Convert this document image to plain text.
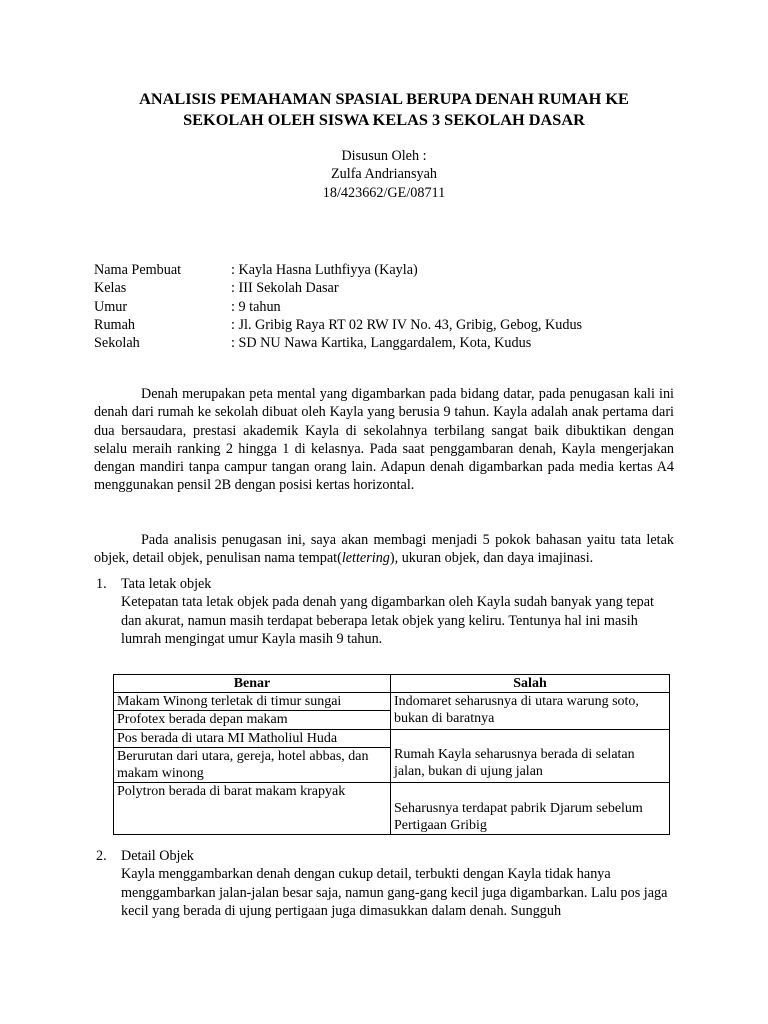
ANALISIS PEMAHAMAN SPASIAL BERUPA DENAH RUMAH KE
SEKOLAH OLEH SISWA KELAS 3 SEKOLAH DASAR
Disusun Oleh :
Zulfa Andriansyah
18/423662/GE/08711
Nama Pembuat	: Kayla Hasna Luthfiyya (Kayla)
Kelas	: III Sekolah Dasar
Umur	: 9 tahun
Rumah	: Jl. Gribig Raya RT 02 RW IV No. 43, Gribig, Gebog, Kudus
Sekolah	: SD NU Nawa Kartika, Langgardalem, Kota, Kudus

Denah merupakan peta mental yang digambarkan pada bidang datar, pada penugasan kali ini denah dari rumah ke sekolah dibuat oleh Kayla yang berusia 9 tahun. Kayla adalah anak pertama dari dua bersaudara, prestasi akademik Kayla di sekolahnya terbilang sangat baik dibuktikan dengan selalu meraih ranking 2 hingga 1 di kelasnya. Pada saat penggambaran denah, Kayla mengerjakan dengan mandiri tanpa campur tangan orang lain. Adapun denah digambarkan pada media kertas A4 menggunakan pensil 2B dengan posisi kertas horizontal.

Pada analisis penugasan ini, saya akan membagi menjadi 5 pokok bahasan yaitu tata letak objek, detail objek, penulisan nama tempat(lettering), ukuran objek, dan daya imajinasi.

1. Tata letak objek
Ketepatan tata letak objek pada denah yang digambarkan oleh Kayla sudah banyak yang tepat dan akurat, namun masih terdapat beberapa letak objek yang keliru. Tentunya hal ini masih lumrah mengingat umur Kayla masih 9 tahun.
Benar	Salah
Makam Winong terletak di timur sungai	Indomaret seharusnya di utara warung soto, bukan di baratnya
Profotex berada depan makam	
Pos berada di utara MI Matholiul Huda	Rumah Kayla seharusnya berada di selatan jalan, bukan di ujung jalan
Berurutan dari utara, gereja, hotel abbas, dan makam winong	
Polytron berada di barat makam krapyak	Seharusnya terdapat pabrik Djarum sebelum Pertigaan Gribig
2. Detail Objek
Kayla menggambarkan denah dengan cukup detail, terbukti dengan Kayla tidak hanya menggambarkan jalan-jalan besar saja, namun gang-gang kecil juga digambarkan. Lalu pos jaga kecil yang berada di ujung pertigaan juga dimasukkan dalam denah. Sungguh
